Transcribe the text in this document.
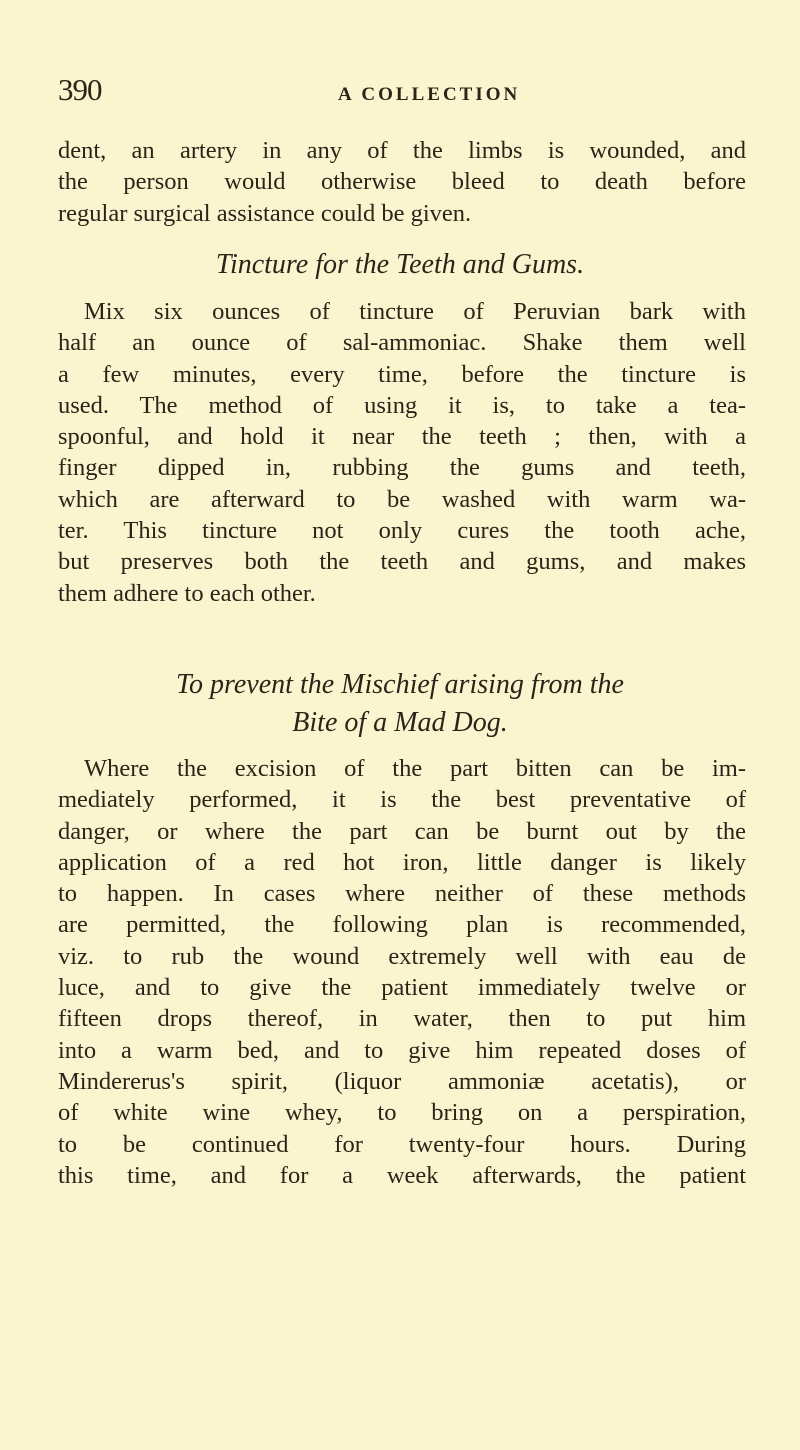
390	A COLLECTION
dent, an artery in any of the limbs is wounded, and
the person would otherwise bleed to death before
regular surgical assistance could be given.
Tincture for the Teeth and Gums.
Mix six ounces of tincture of Peruvian bark with
half an ounce of sal-ammoniac. Shake them well
a few minutes, every time, before the tincture is
used. The method of using it is, to take a tea-
spoonful, and hold it near the teeth ; then, with a
finger dipped in, rubbing the gums and teeth,
which are afterward to be washed with warm wa-
ter. This tincture not only cures the tooth ache,
but preserves both the teeth and gums, and makes
them adhere to each other.
To prevent the Mischief arising from the
Bite of a Mad Dog.
Where the excision of the part bitten can be im-
mediately performed, it is the best preventative of
danger, or where the part can be burnt out by the
application of a red hot iron, little danger is likely
to happen. In cases where neither of these methods
are permitted, the following plan is recommended,
viz. to rub the wound extremely well with eau de
luce, and to give the patient immediately twelve or
fifteen drops thereof, in water, then to put him
into a warm bed, and to give him repeated doses of
Mindererus's spirit, (liquor ammoniæ acetatis), or
of white wine whey, to bring on a perspiration,
to be continued for twenty-four hours. During
this time, and for a week afterwards, the patient
